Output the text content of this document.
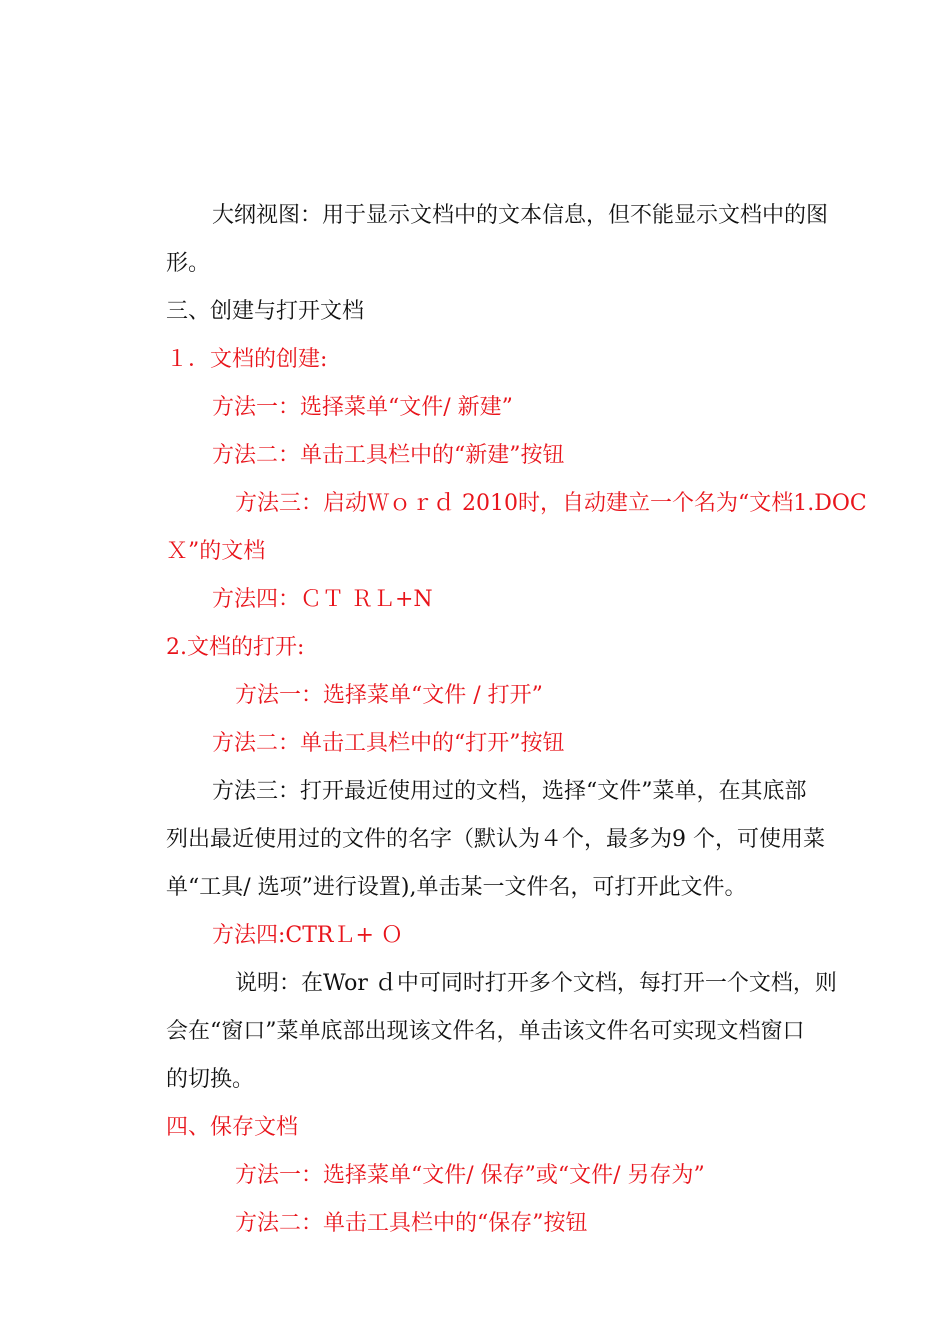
大纲视图：用于显示文档中的文本信息，但不能显示文档中的图
形。
三、创建与打开文档
１．文档的创建:
方法一：选择菜单“文件/ 新建”
方法二：单击工具栏中的“新建”按钮
方法三：启动Ｗｏｒｄ 2010时，自动建立一个名为“文档1.DOC
Ｘ”的文档
方法四：ＣＴ ＲＬ+N
2.文档的打开:
方法一：选择菜单“文件 / 打开”
方法二：单击工具栏中的“打开”按钮
方法三：打开最近使用过的文档，选择“文件”菜单，在其底部
列出最近使用过的文件的名字（默认为４个，最多为9 个，可使用菜
单“工具/ 选项”进行设置),单击某一文件名，可打开此文件。
方法四:CTRＬ+ Ｏ
说明：在Wor ｄ中可同时打开多个文档，每打开一个文档，则
会在“窗口”菜单底部出现该文件名，单击该文件名可实现文档窗口
的切换。
四、保存文档
方法一：选择菜单“文件/ 保存”或“文件/ 另存为”
方法二：单击工具栏中的“保存”按钮
